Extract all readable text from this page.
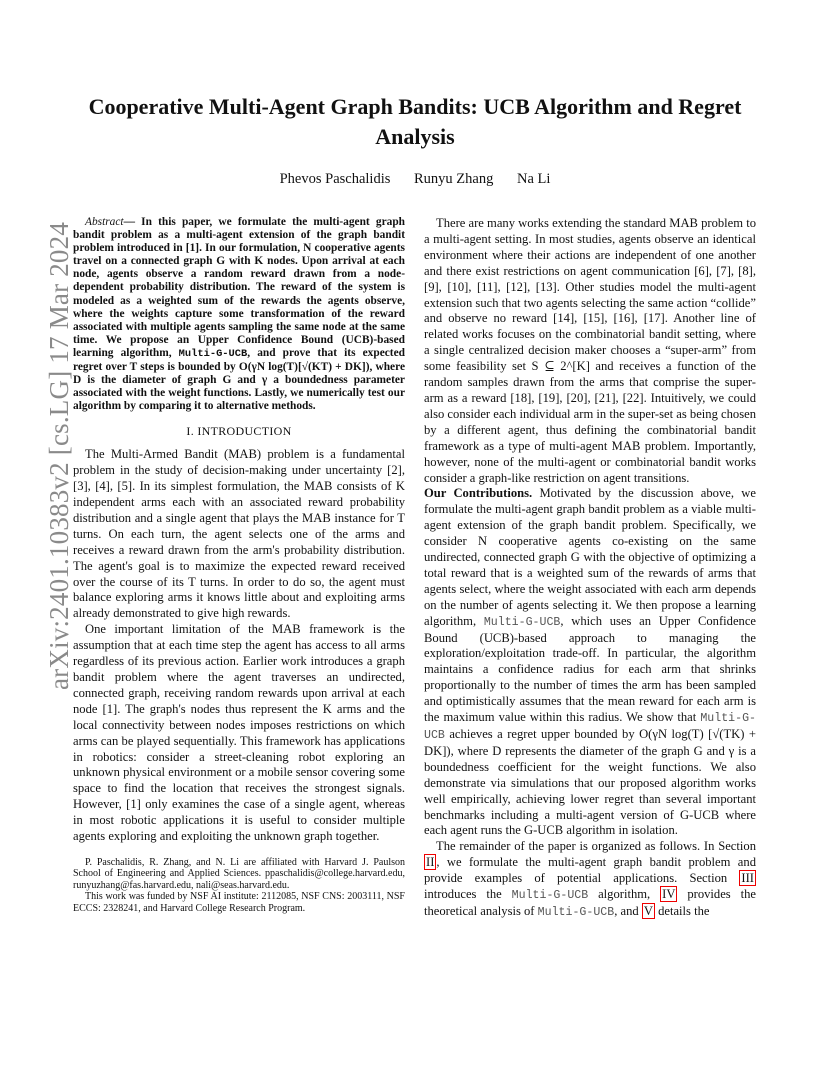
arXiv:2401.10383v2 [cs.LG] 17 Mar 2024
Cooperative Multi-Agent Graph Bandits: UCB Algorithm and Regret Analysis
Phevos Paschalidis Runyu Zhang Na Li

Abstract— In this paper, we formulate the multi-agent graph bandit problem as a multi-agent extension of the graph bandit problem introduced in [1]. In our formulation, N cooperative agents travel on a connected graph G with K nodes. Upon arrival at each node, agents observe a random reward drawn from a node-dependent probability distribution. The reward of the system is modeled as a weighted sum of the rewards the agents observe, where the weights capture some transformation of the reward associated with multiple agents sampling the same node at the same time. We propose an Upper Confidence Bound (UCB)-based learning algorithm, Multi-G-UCB, and prove that its expected regret over T steps is bounded by O(γN log(T)[√(KT) + DK]), where D is the diameter of graph G and γ a boundedness parameter associated with the weight functions. Lastly, we numerically test our algorithm by comparing it to alternative methods.

I. INTRODUCTION

The Multi-Armed Bandit (MAB) problem is a fundamental problem in the study of decision-making under uncertainty [2], [3], [4], [5]. In its simplest formulation, the MAB consists of K independent arms each with an associated reward probability distribution and a single agent that plays the MAB instance for T turns. On each turn, the agent selects one of the arms and receives a reward drawn from the arm's probability distribution. The agent's goal is to maximize the expected reward received over the course of its T turns. In order to do so, the agent must balance exploring arms it knows little about and exploiting arms already demonstrated to give high rewards.

One important limitation of the MAB framework is the assumption that at each time step the agent has access to all arms regardless of its previous action. Earlier work introduces a graph bandit problem where the agent traverses an undirected, connected graph, receiving random rewards upon arrival at each node [1]. The graph's nodes thus represent the K arms and the local connectivity between nodes imposes restrictions on which arms can be played sequentially. This framework has applications in robotics: consider a street-cleaning robot exploring an unknown physical environment or a mobile sensor covering some space to find the location that receives the strongest signals. However, [1] only examines the case of a single agent, whereas in most robotic applications it is useful to consider multiple agents exploring and exploiting the unknown graph together.

P. Paschalidis, R. Zhang, and N. Li are affiliated with Harvard J. Paulson School of Engineering and Applied Sciences. ppaschalidis@college.harvard.edu, runyuzhang@fas.harvard.edu, nali@seas.harvard.edu.

This work was funded by NSF AI institute: 2112085, NSF CNS: 2003111, NSF ECCS: 2328241, and Harvard College Research Program.

There are many works extending the standard MAB problem to a multi-agent setting. In most studies, agents observe an identical environment where their actions are independent of one another and there exist restrictions on agent communication [6], [7], [8], [9], [10], [11], [12], [13]. Other studies model the multi-agent extension such that two agents selecting the same action “collide” and observe no reward [14], [15], [16], [17]. Another line of related works focuses on the combinatorial bandit setting, where a single centralized decision maker chooses a “super-arm” from some feasibility set S ⊆ 2^[K] and receives a function of the random samples drawn from the arms that comprise the super-arm as a reward [18], [19], [20], [21], [22]. Intuitively, we could also consider each individual arm in the super-set as being chosen by a different agent, thus defining the combinatorial bandit framework as a type of multi-agent MAB problem. Importantly, however, none of the multi-agent or combinatorial bandit works consider a graph-like restriction on agent transitions.

Our Contributions. Motivated by the discussion above, we formulate the multi-agent graph bandit problem as a viable multi-agent extension of the graph bandit problem. Specifically, we consider N cooperative agents co-existing on the same undirected, connected graph G with the objective of optimizing a total reward that is a weighted sum of the rewards of arms that agents select, where the weight associated with each arm depends on the number of agents selecting it. We then propose a learning algorithm, Multi-G-UCB, which uses an Upper Confidence Bound (UCB)-based approach to managing the exploration/exploitation trade-off. In particular, the algorithm maintains a confidence radius for each arm that shrinks proportionally to the number of times the arm has been sampled and optimistically assumes that the mean reward for each arm is the maximum value within this radius. We show that Multi-G-UCB achieves a regret upper bounded by O(γN log(T) [√(TK) + DK]), where D represents the diameter of the graph G and γ is a boundedness coefficient for the weight functions. We also demonstrate via simulations that our proposed algorithm works well empirically, achieving lower regret than several important benchmarks including a multi-agent version of G-UCB where each agent runs the G-UCB algorithm in isolation.

The remainder of the paper is organized as follows. In Section II , we formulate the multi-agent graph bandit problem and provide examples of potential applications. Section III introduces the Multi-G-UCB algorithm, IV provides the theoretical analysis of Multi-G-UCB, and V details the
